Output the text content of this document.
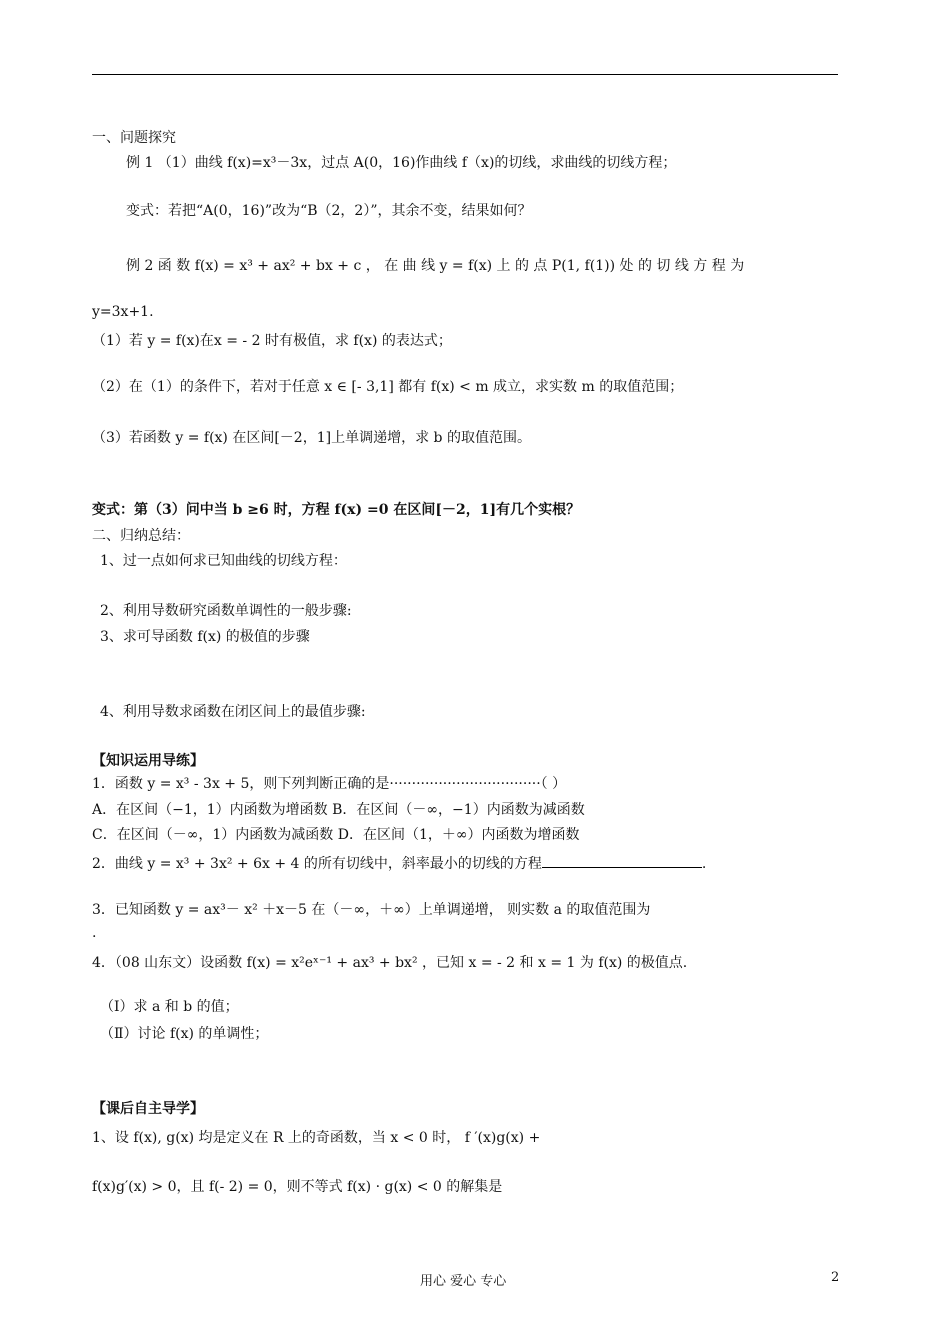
一、问题探究
例 1 （1）曲线 f(x)=x³－3x，过点 A(0，16)作曲线 f（x)的切线，求曲线的切线方程；
变式：若把“A(0，16)”改为“B（2，2）”，其余不变，结果如何？
例 2 函 数 f(x) = x³ + ax² + bx + c ， 在 曲 线 y = f(x) 上 的 点 P(1, f(1)) 处 的 切 线 方 程 为
y=3x+1.
（1）若 y = f(x)在x = - 2 时有极值，求 f(x) 的表达式；
（2）在（1）的条件下，若对于任意 x ∈ [- 3,1] 都有 f(x) < m 成立，求实数 m 的取值范围；
（3）若函数 y = f(x) 在区间[－2，1]上单调递增，求 b 的取值范围。
变式：第（3）问中当 b ≥6 时，方程 f(x) =0 在区间[－2，1]有几个实根？
二、归纳总结：
1、过一点如何求已知曲线的切线方程：
2、利用导数研究函数单调性的一般步骤:
3、求可导函数 f(x) 的极值的步骤
4、利用导数求函数在闭区间上的最值步骤:
【知识运用导练】
1．函数 y = x³ - 3x + 5，则下列判断正确的是··································（ ）
A．在区间（−1，1）内函数为增函数 B．在区间（－∞，−1）内函数为减函数
C．在区间（－∞，1）内函数为减函数 D．在区间（1，＋∞）内函数为增函数
2．曲线 y = x³ + 3x² + 6x + 4 的所有切线中，斜率最小的切线的方程	.
3．已知函数 y = ax³－ x² ＋x－5 在（－∞，＋∞）上单调递增， 则实数 a 的取值范围为
.
4．（08 山东文）设函数 f(x) = x²eˣ⁻¹ + ax³ + bx² ，已知 x = - 2 和 x = 1 为 f(x) 的极值点.
（Ⅰ）求 a 和 b 的值；
（Ⅱ）讨论 f(x) 的单调性；
【课后自主导学】
1、设 f(x), g(x) 均是定义在 R 上的奇函数，当 x < 0 时， f ′(x)g(x) +
f(x)g′(x) > 0，且 f(- 2) = 0，则不等式 f(x) · g(x) < 0 的解集是
用心 爱心 专心	2
